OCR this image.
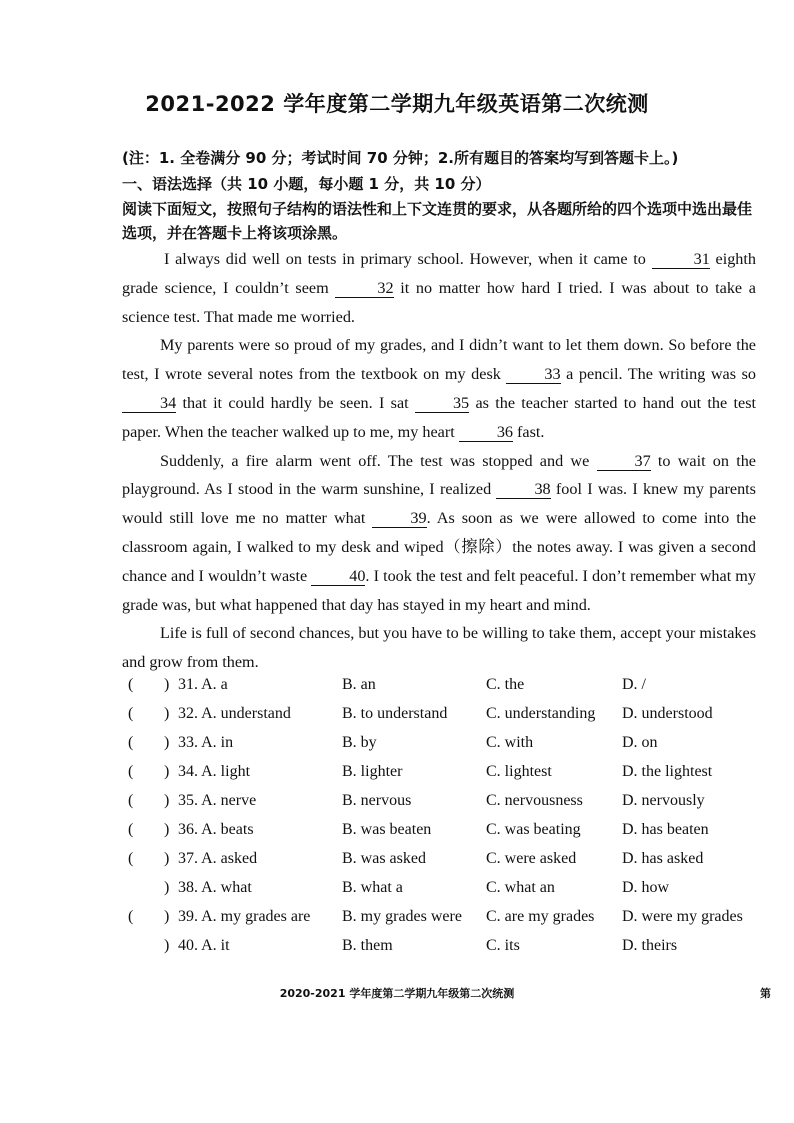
2021-2022 学年度第二学期九年级英语第二次统测
(注：1. 全卷满分 90 分；考试时间 70 分钟；2.所有题目的答案均写到答题卡上。)
一、语法选择（共 10 小题，每小题 1 分，共 10 分）
阅读下面短文，按照句子结构的语法性和上下文连贯的要求，从各题所给的四个选项中选出最佳选项，并在答题卡上将该项涂黑。

I always did well on tests in primary school. However, when it came to	31 eighth grade science, I couldn’t seem	32 it no matter how hard I tried. I was about to take a science test. That made me worried.

My parents were so proud of my grades, and I didn’t want to let them down. So before the test, I wrote several notes from the textbook on my desk 33 a pencil. The writing was so 34 that it could hardly be seen. I sat 35 as the teacher started to hand out the test paper. When the teacher walked up to me, my heart 36 fast.

Suddenly, a fire alarm went off. The test was stopped and we 37 to wait on the playground. As I stood in the warm sunshine, I realized 38 fool I was. I knew my parents would still love me no matter what 39. As soon as we were allowed to come into the classroom again, I walked to my desk and wiped（擦除）the notes away. I was given a second chance and I wouldn’t waste 40. I took the test and felt peaceful. I don’t remember what my grade was, but what happened that day has stayed in my heart and mind.

Life is full of second chances, but you have to be willing to take them, accept your mistakes and grow from them.

( ) 31. A. a	B. an	C. the	D. /
( ) 32. A. understand	B. to understand C. understanding D. understood
( ) 33. A. in	B. by	C. with	D. on
( ) 34. A. light	B. lighter	C. lightest	D. the lightest
( ) 35. A. nerve	B. nervous	C. nervousness D. nervously
( ) 36. A. beats	B. was beaten	C. was beating	D. has beaten
( ) 37. A. asked	B. was asked	C. were asked	D. has asked
) 38. A. what	B. what a	C. what an	D. how
( ) 39. A. my grades are B. my grades were C. are my grades D. were my grades
) 40. A. it	B. them	C. its	D. theirs
2020-2021 学年度第二学期九年级第二次统测	第
